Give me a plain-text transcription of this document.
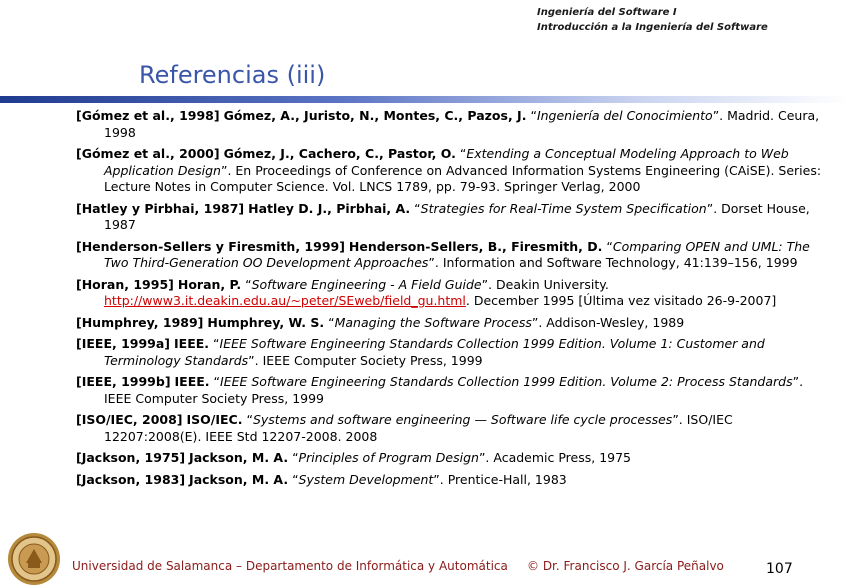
Ingeniería del Software I
Introducción a la Ingeniería del Software
Referencias (iii)
[Gómez et al., 1998] Gómez, A., Juristo, N., Montes, C., Pazos, J. “Ingeniería del Conocimiento”. Madrid. Ceura, 1998
[Gómez et al., 2000] Gómez, J., Cachero, C., Pastor, O. “Extending a Conceptual Modeling Approach to Web Application Design”. En Proceedings of Conference on Advanced Information Systems Engineering (CAiSE). Series: Lecture Notes in Computer Science. Vol. LNCS 1789, pp. 79-93. Springer Verlag, 2000
[Hatley y Pirbhai, 1987] Hatley D. J., Pirbhai, A. “Strategies for Real-Time System Specification”. Dorset House, 1987
[Henderson-Sellers y Firesmith, 1999] Henderson-Sellers, B., Firesmith, D. “Comparing OPEN and UML: The Two Third-Generation OO Development Approaches”. Information and Software Technology, 41:139–156, 1999
[Horan, 1995] Horan, P. “Software Engineering - A Field Guide”. Deakin University. http://www3.it.deakin.edu.au/~peter/SEweb/field_gu.html. December 1995 [Última vez visitado 26-9-2007]
[Humphrey, 1989] Humphrey, W. S. “Managing the Software Process”. Addison-Wesley, 1989
[IEEE, 1999a] IEEE. “IEEE Software Engineering Standards Collection 1999 Edition. Volume 1: Customer and Terminology Standards”. IEEE Computer Society Press, 1999
[IEEE, 1999b] IEEE. “IEEE Software Engineering Standards Collection 1999 Edition. Volume 2: Process Standards”. IEEE Computer Society Press, 1999
[ISO/IEC, 2008] ISO/IEC. “Systems and software engineering — Software life cycle processes”. ISO/IEC 12207:2008(E). IEEE Std 12207-2008. 2008
[Jackson, 1975] Jackson, M. A. “Principles of Program Design”. Academic Press, 1975
[Jackson, 1983] Jackson, M. A. “System Development”. Prentice-Hall, 1983
Universidad de Salamanca – Departamento de Informática y Automática © Dr. Francisco J. García Peñalvo	107
